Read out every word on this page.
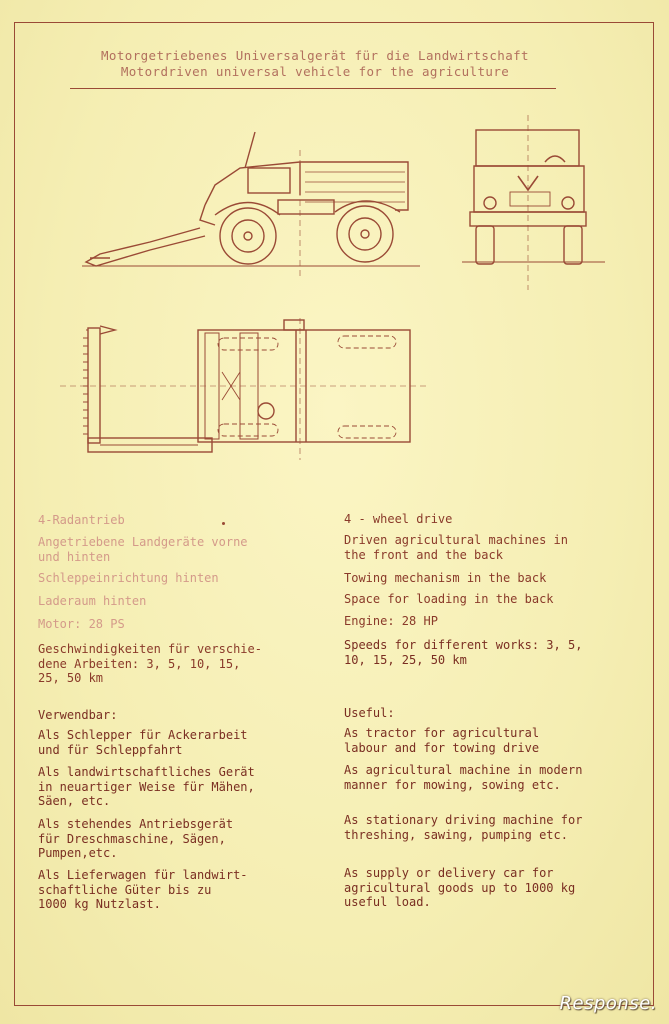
Motorgetriebenes Universalgerät für die Landwirtschaft
Motordriven universal vehicle for the agriculture
4-Radantrieb
Angetriebene Landgeräte vorne
und hinten
Schleppeinrichtung hinten
Laderaum hinten
Motor: 28 PS
Geschwindigkeiten für verschie-
dene Arbeiten: 3, 5, 10, 15,
25, 50 km
4 - wheel drive
Driven agricultural machines in
the front and the back
Towing mechanism in the back
Space for loading in the back
Engine: 28 HP
Speeds for different works: 3, 5,
10, 15, 25, 50 km
Verwendbar:	Useful:
Als Schlepper für Ackerarbeit
und für Schleppfahrt
Als landwirtschaftliches Gerät
in neuartiger Weise für Mähen,
Säen, etc.
Als stehendes Antriebsgerät
für Dreschmaschine, Sägen,
Pumpen,etc.
Als Lieferwagen für landwirt-
schaftliche Güter bis zu
1000 kg Nutzlast.
As tractor for agricultural
labour and for towing drive
As agricultural machine in modern
manner for mowing, sowing etc.
As stationary driving machine for
threshing, sawing, pumping etc.
As supply or delivery car for
agricultural goods up to 1000 kg
useful load.
Response.
